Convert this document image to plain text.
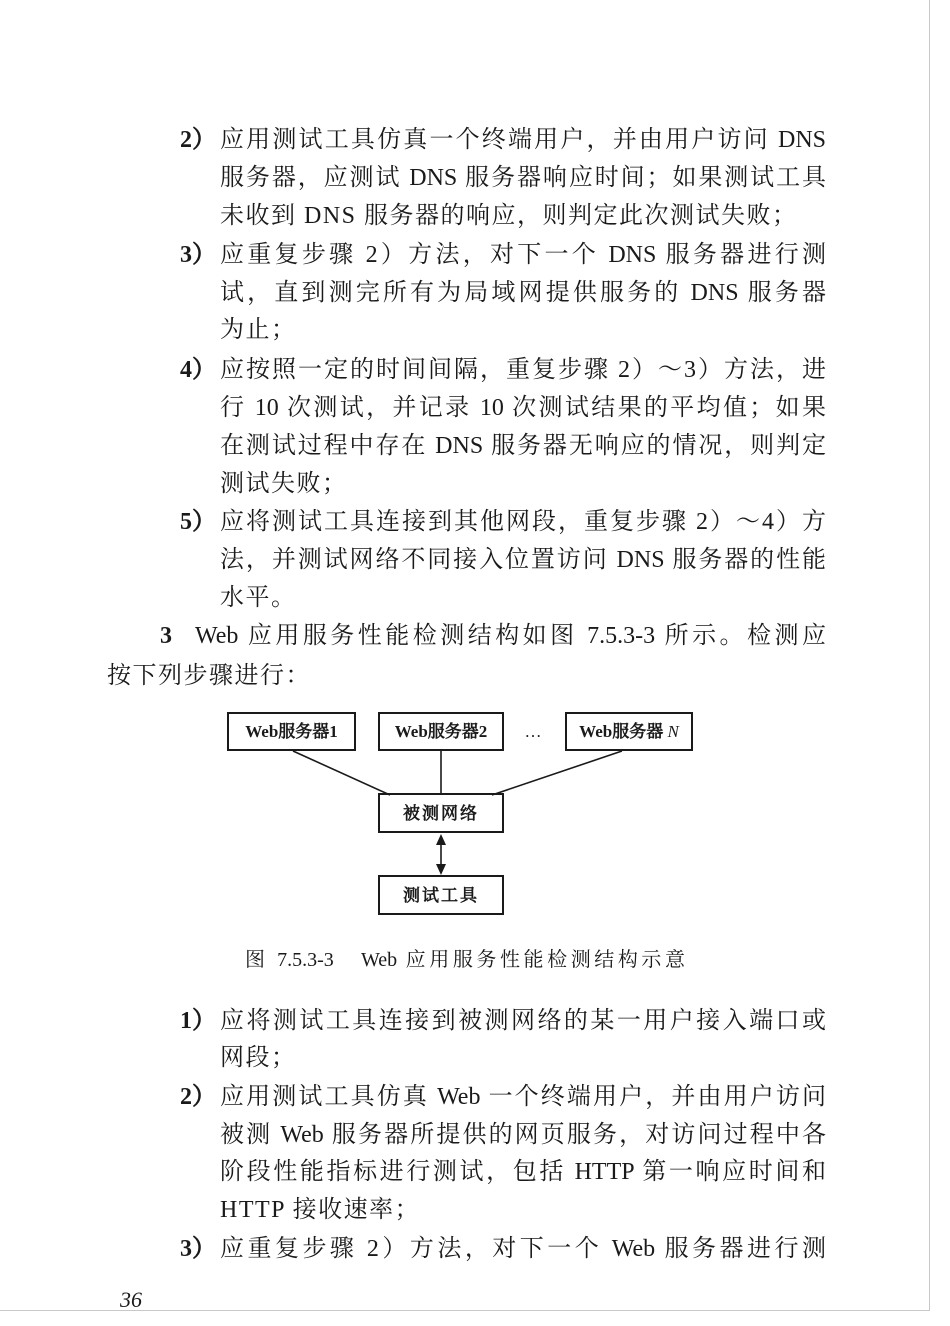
2） 应用测试工具仿真一个终端用户，并由用户访问 DNS
服务器，应测试 DNS 服务器响应时间；如果测试工具
未收到 DNS 服务器的响应，则判定此次测试失败；
3） 应重复步骤 2）方法，对下一个 DNS 服务器进行测
试，直到测完所有为局域网提供服务的 DNS 服务器
为止；
4） 应按照一定的时间间隔，重复步骤 2）～3）方法，进
行 10 次测试，并记录 10 次测试结果的平均值；如果
在测试过程中存在 DNS 服务器无响应的情况，则判定
测试失败；
5） 应将测试工具连接到其他网段，重复步骤 2）～4）方
法，并测试网络不同接入位置访问 DNS 服务器的性能
水平。
3 Web 应用服务性能检测结构如图 7.5.3-3 所示。检测应
按下列步骤进行：
Web服务器1	Web服务器2 … Web服务器 N
被测网络
测试工具
图 7.5.3-3　Web 应用服务性能检测结构示意
1） 应将测试工具连接到被测网络的某一用户接入端口或
网段；
2） 应用测试工具仿真 Web 一个终端用户，并由用户访问
被测 Web 服务器所提供的网页服务，对访问过程中各
阶段性能指标进行测试，包括 HTTP 第一响应时间和
HTTP 接收速率；
3） 应重复步骤 2）方法，对下一个 Web 服务器进行测
36
